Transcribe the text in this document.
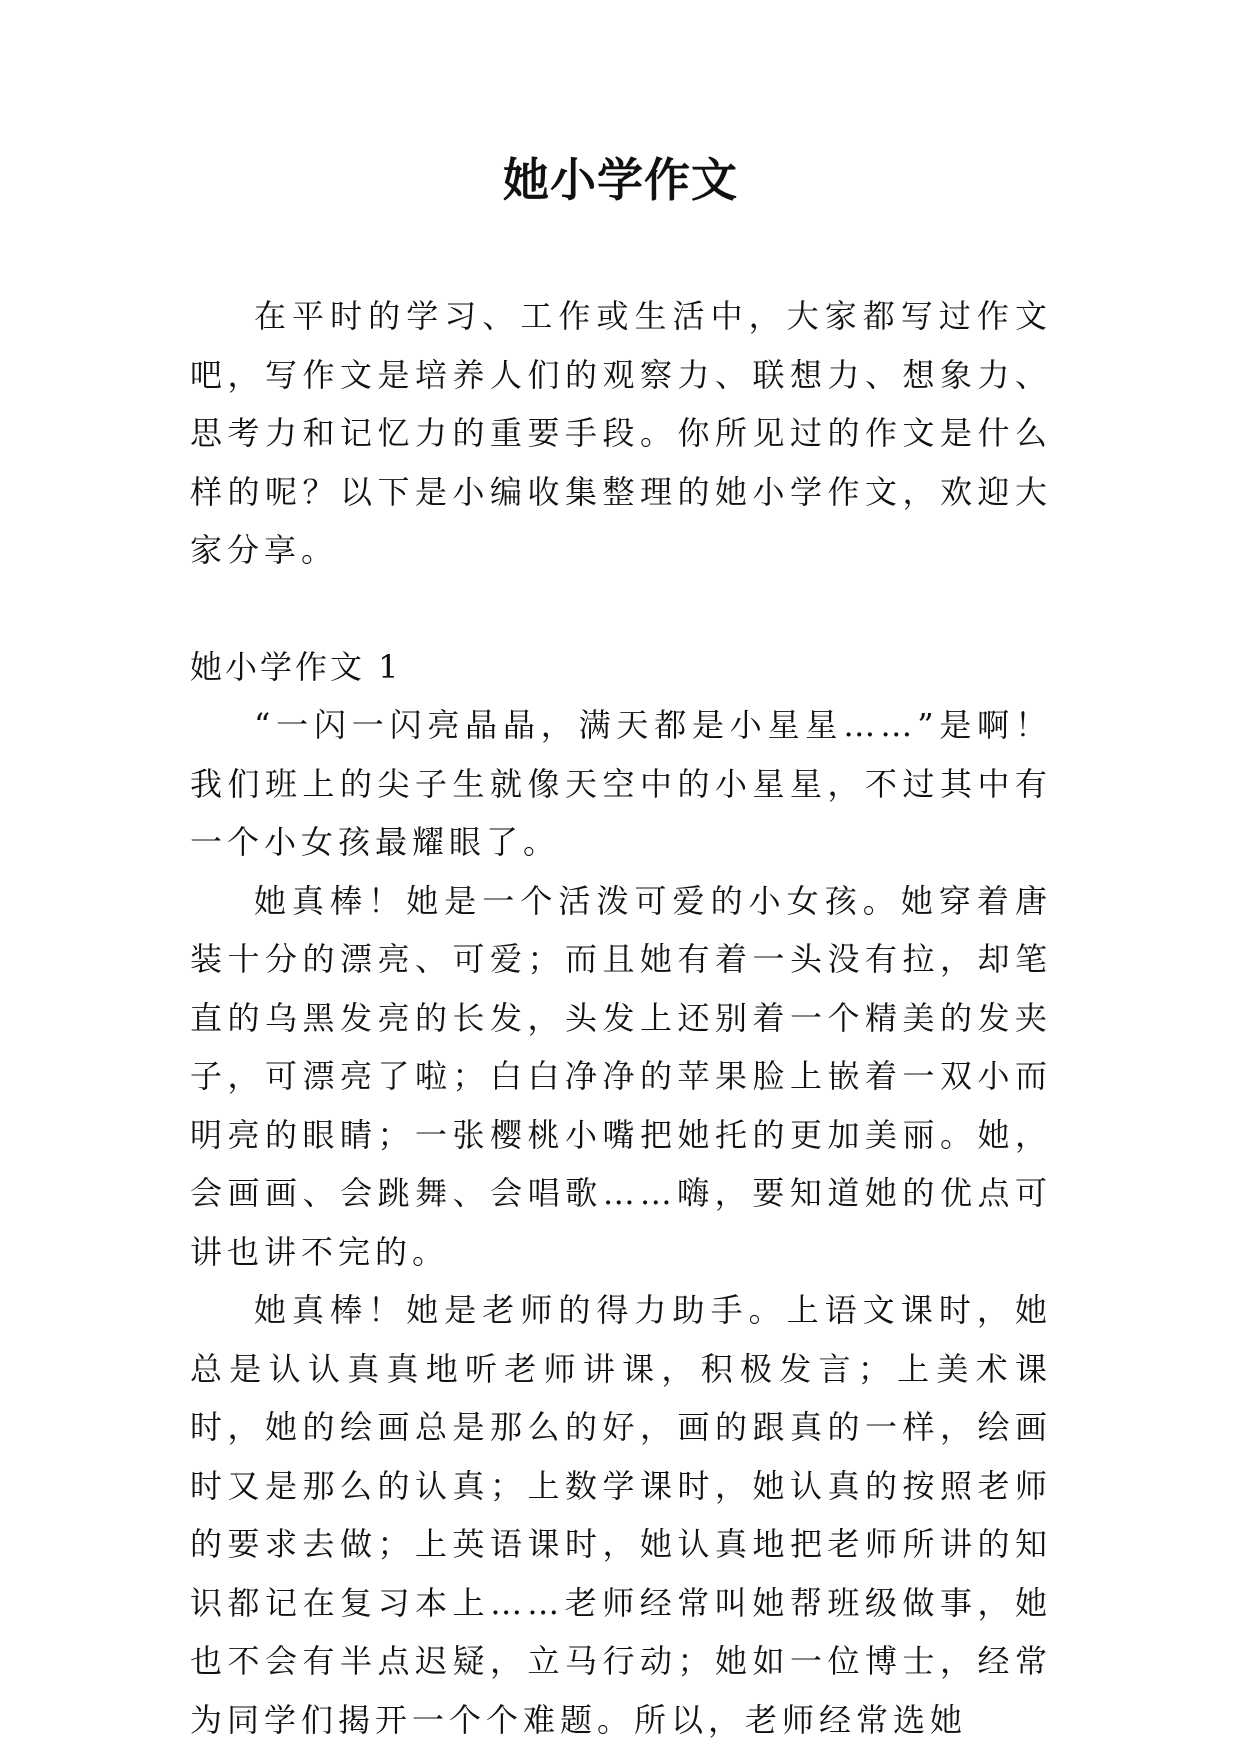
她小学作文

在平时的学习、工作或生活中，大家都写过作文吧，写作文是培养人们的观察力、联想力、想象力、思考力和记忆力的重要手段。你所见过的作文是什么样的呢？以下是小编收集整理的她小学作文，欢迎大家分享。

她小学作文 1

“一闪一闪亮晶晶，满天都是小星星……”是啊！我们班上的尖子生就像天空中的小星星，不过其中有一个小女孩最耀眼了。

她真棒！她是一个活泼可爱的小女孩。她穿着唐装十分的漂亮、可爱；而且她有着一头没有拉，却笔直的乌黑发亮的长发，头发上还别着一个精美的发夹子，可漂亮了啦；白白净净的苹果脸上嵌着一双小而明亮的眼睛；一张樱桃小嘴把她托的更加美丽。她，会画画、会跳舞、会唱歌……嗨，要知道她的优点可讲也讲不完的。

她真棒！她是老师的得力助手。上语文课时，她总是认认真真地听老师讲课，积极发言；上美术课时，她的绘画总是那么的好，画的跟真的一样，绘画时又是那么的认真；上数学课时，她认真的按照老师的要求去做；上英语课时，她认真地把老师所讲的知识都记在复习本上……老师经常叫她帮班级做事，她也不会有半点迟疑，立马行动；她如一位博士，经常为同学们揭开一个个难题。所以，老师经常选她
